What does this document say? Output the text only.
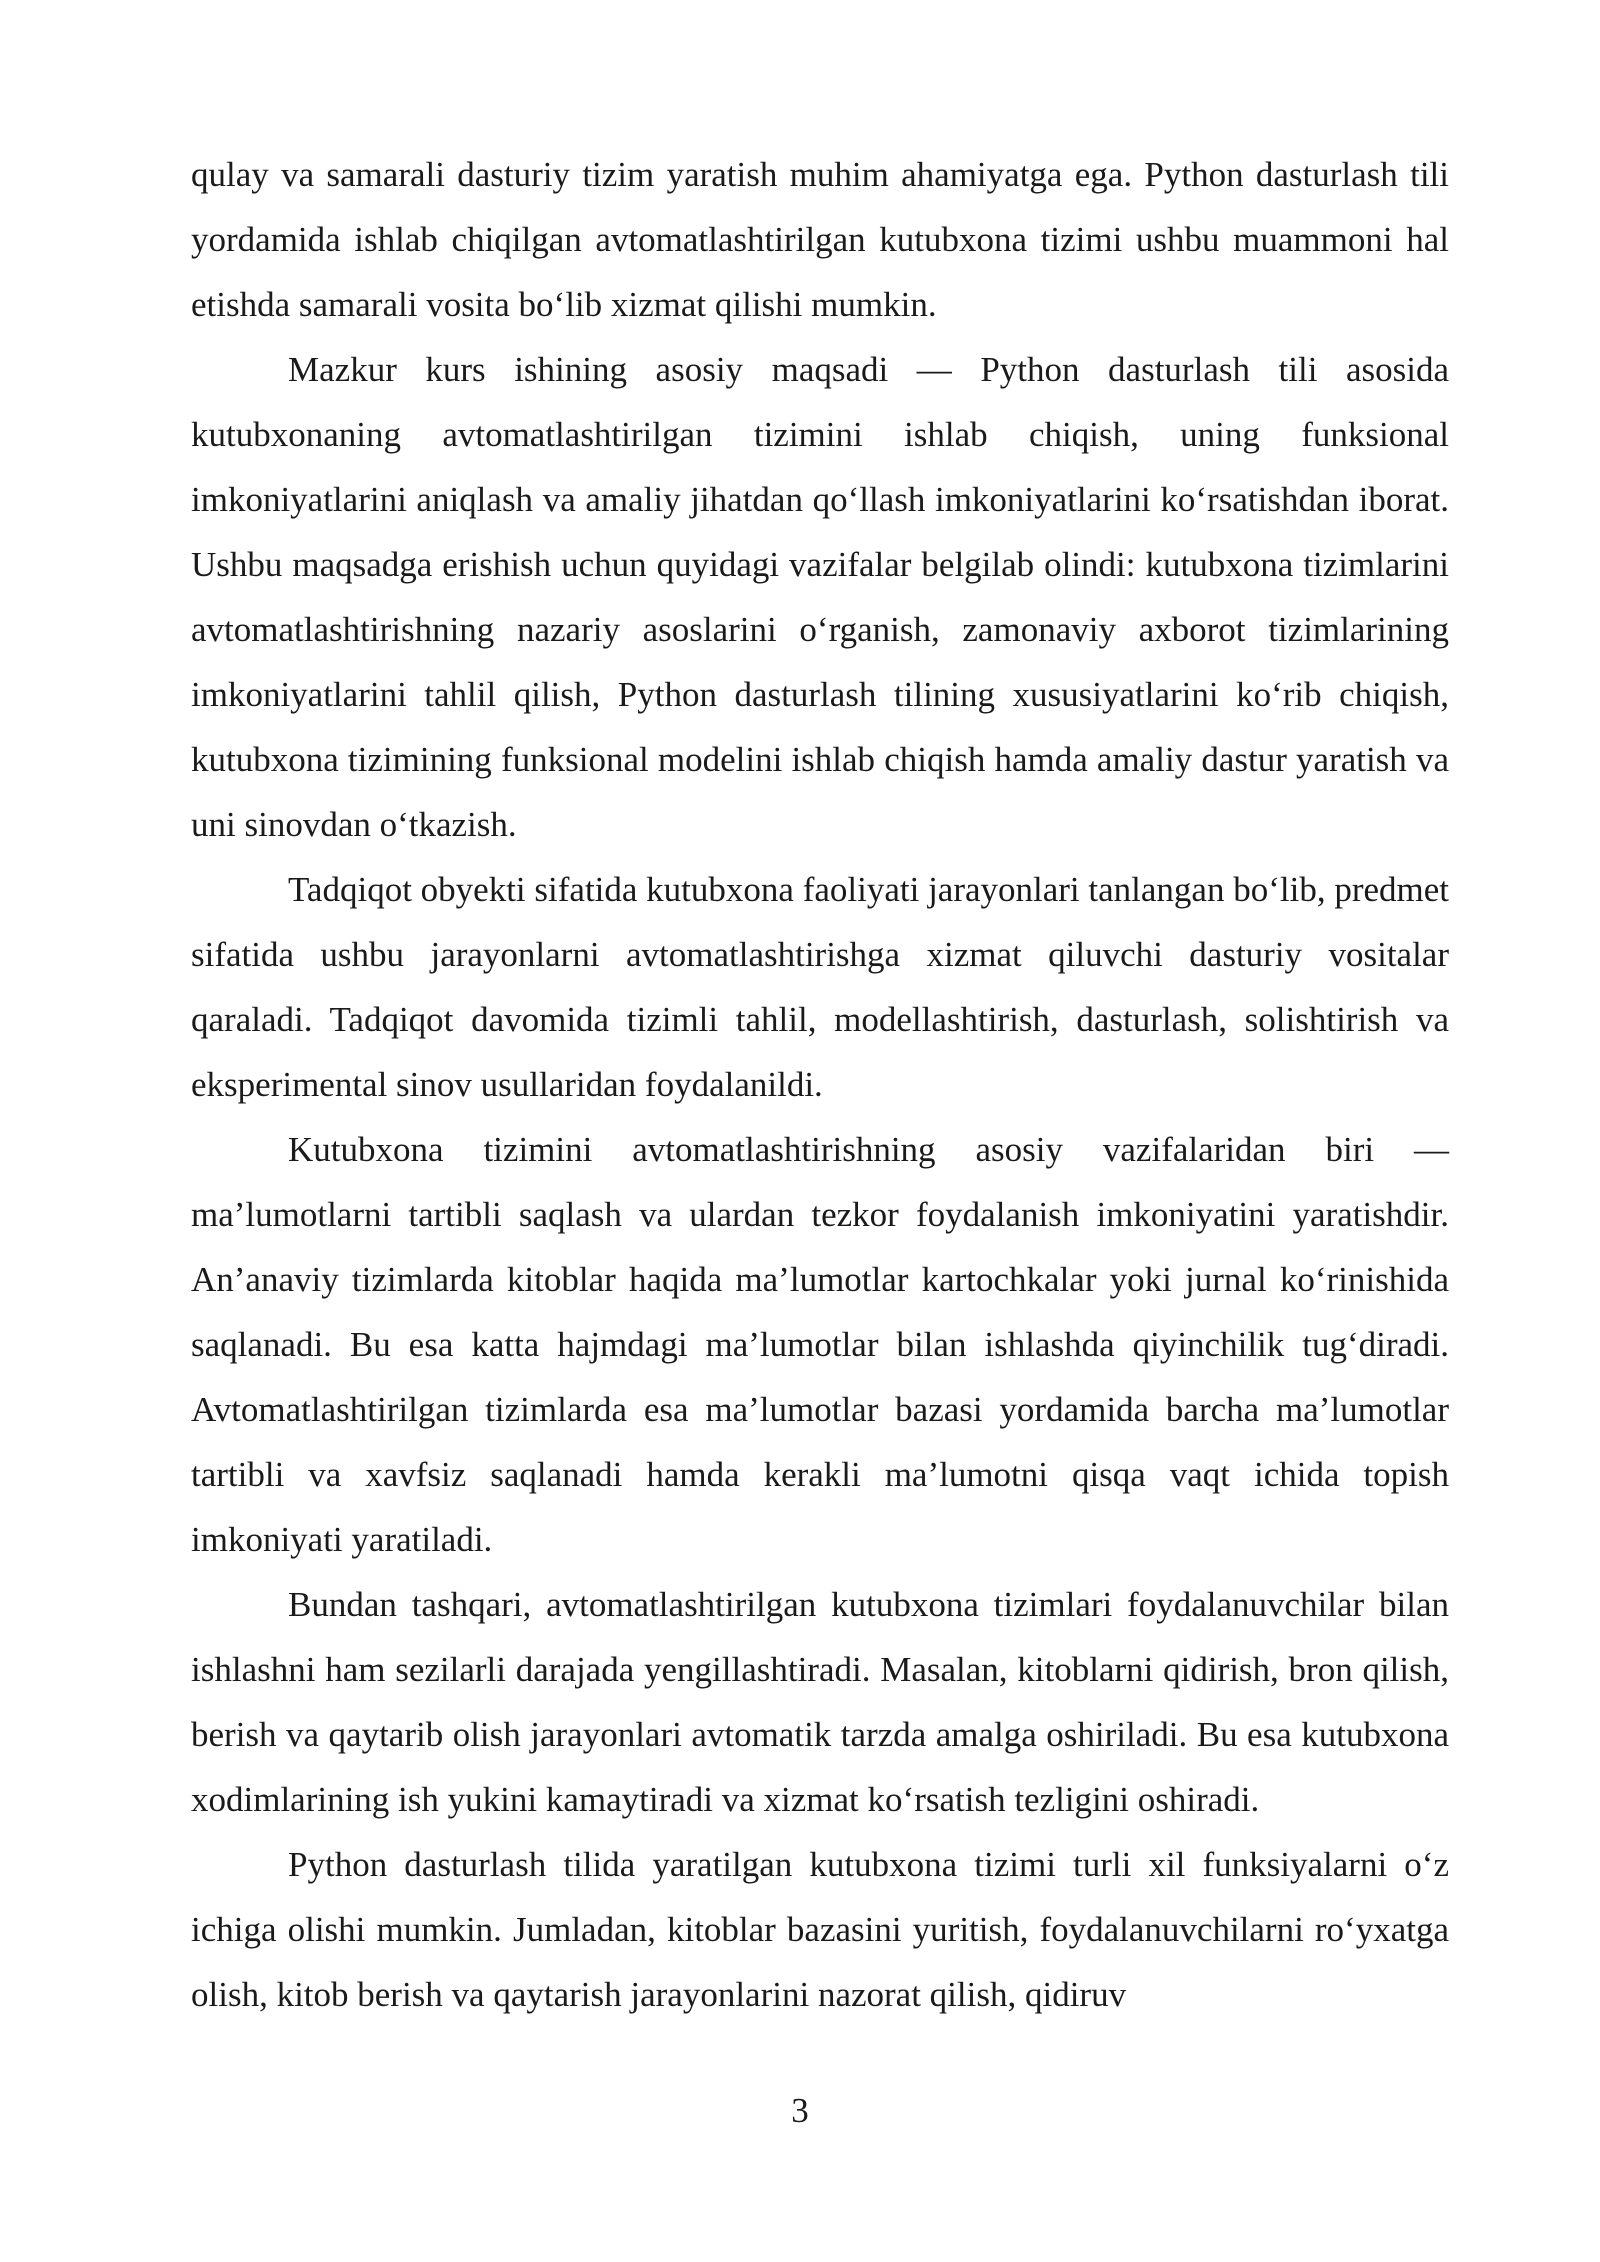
qulay va samarali dasturiy tizim yaratish muhim ahamiyatga ega. Python dasturlash tili yordamida ishlab chiqilgan avtomatlashtirilgan kutubxona tizimi ushbu muammoni hal etishda samarali vosita bo‘lib xizmat qilishi mumkin.

Mazkur kurs ishining asosiy maqsadi — Python dasturlash tili asosida kutubxonaning avtomatlashtirilgan tizimini ishlab chiqish, uning funksional imkoniyatlarini aniqlash va amaliy jihatdan qo‘llash imkoniyatlarini ko‘rsatishdan iborat. Ushbu maqsadga erishish uchun quyidagi vazifalar belgilab olindi: kutubxona tizimlarini avtomatlashtirishning nazariy asoslarini o‘rganish, zamonaviy axborot tizimlarining imkoniyatlarini tahlil qilish, Python dasturlash tilining xususiyatlarini ko‘rib chiqish, kutubxona tizimining funksional modelini ishlab chiqish hamda amaliy dastur yaratish va uni sinovdan o‘tkazish.

Tadqiqot obyekti sifatida kutubxona faoliyati jarayonlari tanlangan bo‘lib, predmet sifatida ushbu jarayonlarni avtomatlashtirishga xizmat qiluvchi dasturiy vositalar qaraladi. Tadqiqot davomida tizimli tahlil, modellashtirish, dasturlash, solishtirish va eksperimental sinov usullaridan foydalanildi.

Kutubxona tizimini avtomatlashtirishning asosiy vazifalaridan biri — ma’lumotlarni tartibli saqlash va ulardan tezkor foydalanish imkoniyatini yaratishdir. An’anaviy tizimlarda kitoblar haqida ma’lumotlar kartochkalar yoki jurnal ko‘rinishida saqlanadi. Bu esa katta hajmdagi ma’lumotlar bilan ishlashda qiyinchilik tug‘diradi. Avtomatlashtirilgan tizimlarda esa ma’lumotlar bazasi yordamida barcha ma’lumotlar tartibli va xavfsiz saqlanadi hamda kerakli ma’lumotni qisqa vaqt ichida topish imkoniyati yaratiladi.

Bundan tashqari, avtomatlashtirilgan kutubxona tizimlari foydalanuvchilar bilan ishlashni ham sezilarli darajada yengillashtiradi. Masalan, kitoblarni qidirish, bron qilish, berish va qaytarib olish jarayonlari avtomatik tarzda amalga oshiriladi. Bu esa kutubxona xodimlarining ish yukini kamaytiradi va xizmat ko‘rsatish tezligini oshiradi.

Python dasturlash tilida yaratilgan kutubxona tizimi turli xil funksiyalarni o‘z ichiga olishi mumkin. Jumladan, kitoblar bazasini yuritish, foydalanuvchilarni ro‘yxatga olish, kitob berish va qaytarish jarayonlarini nazorat qilish, qidiruv

3
